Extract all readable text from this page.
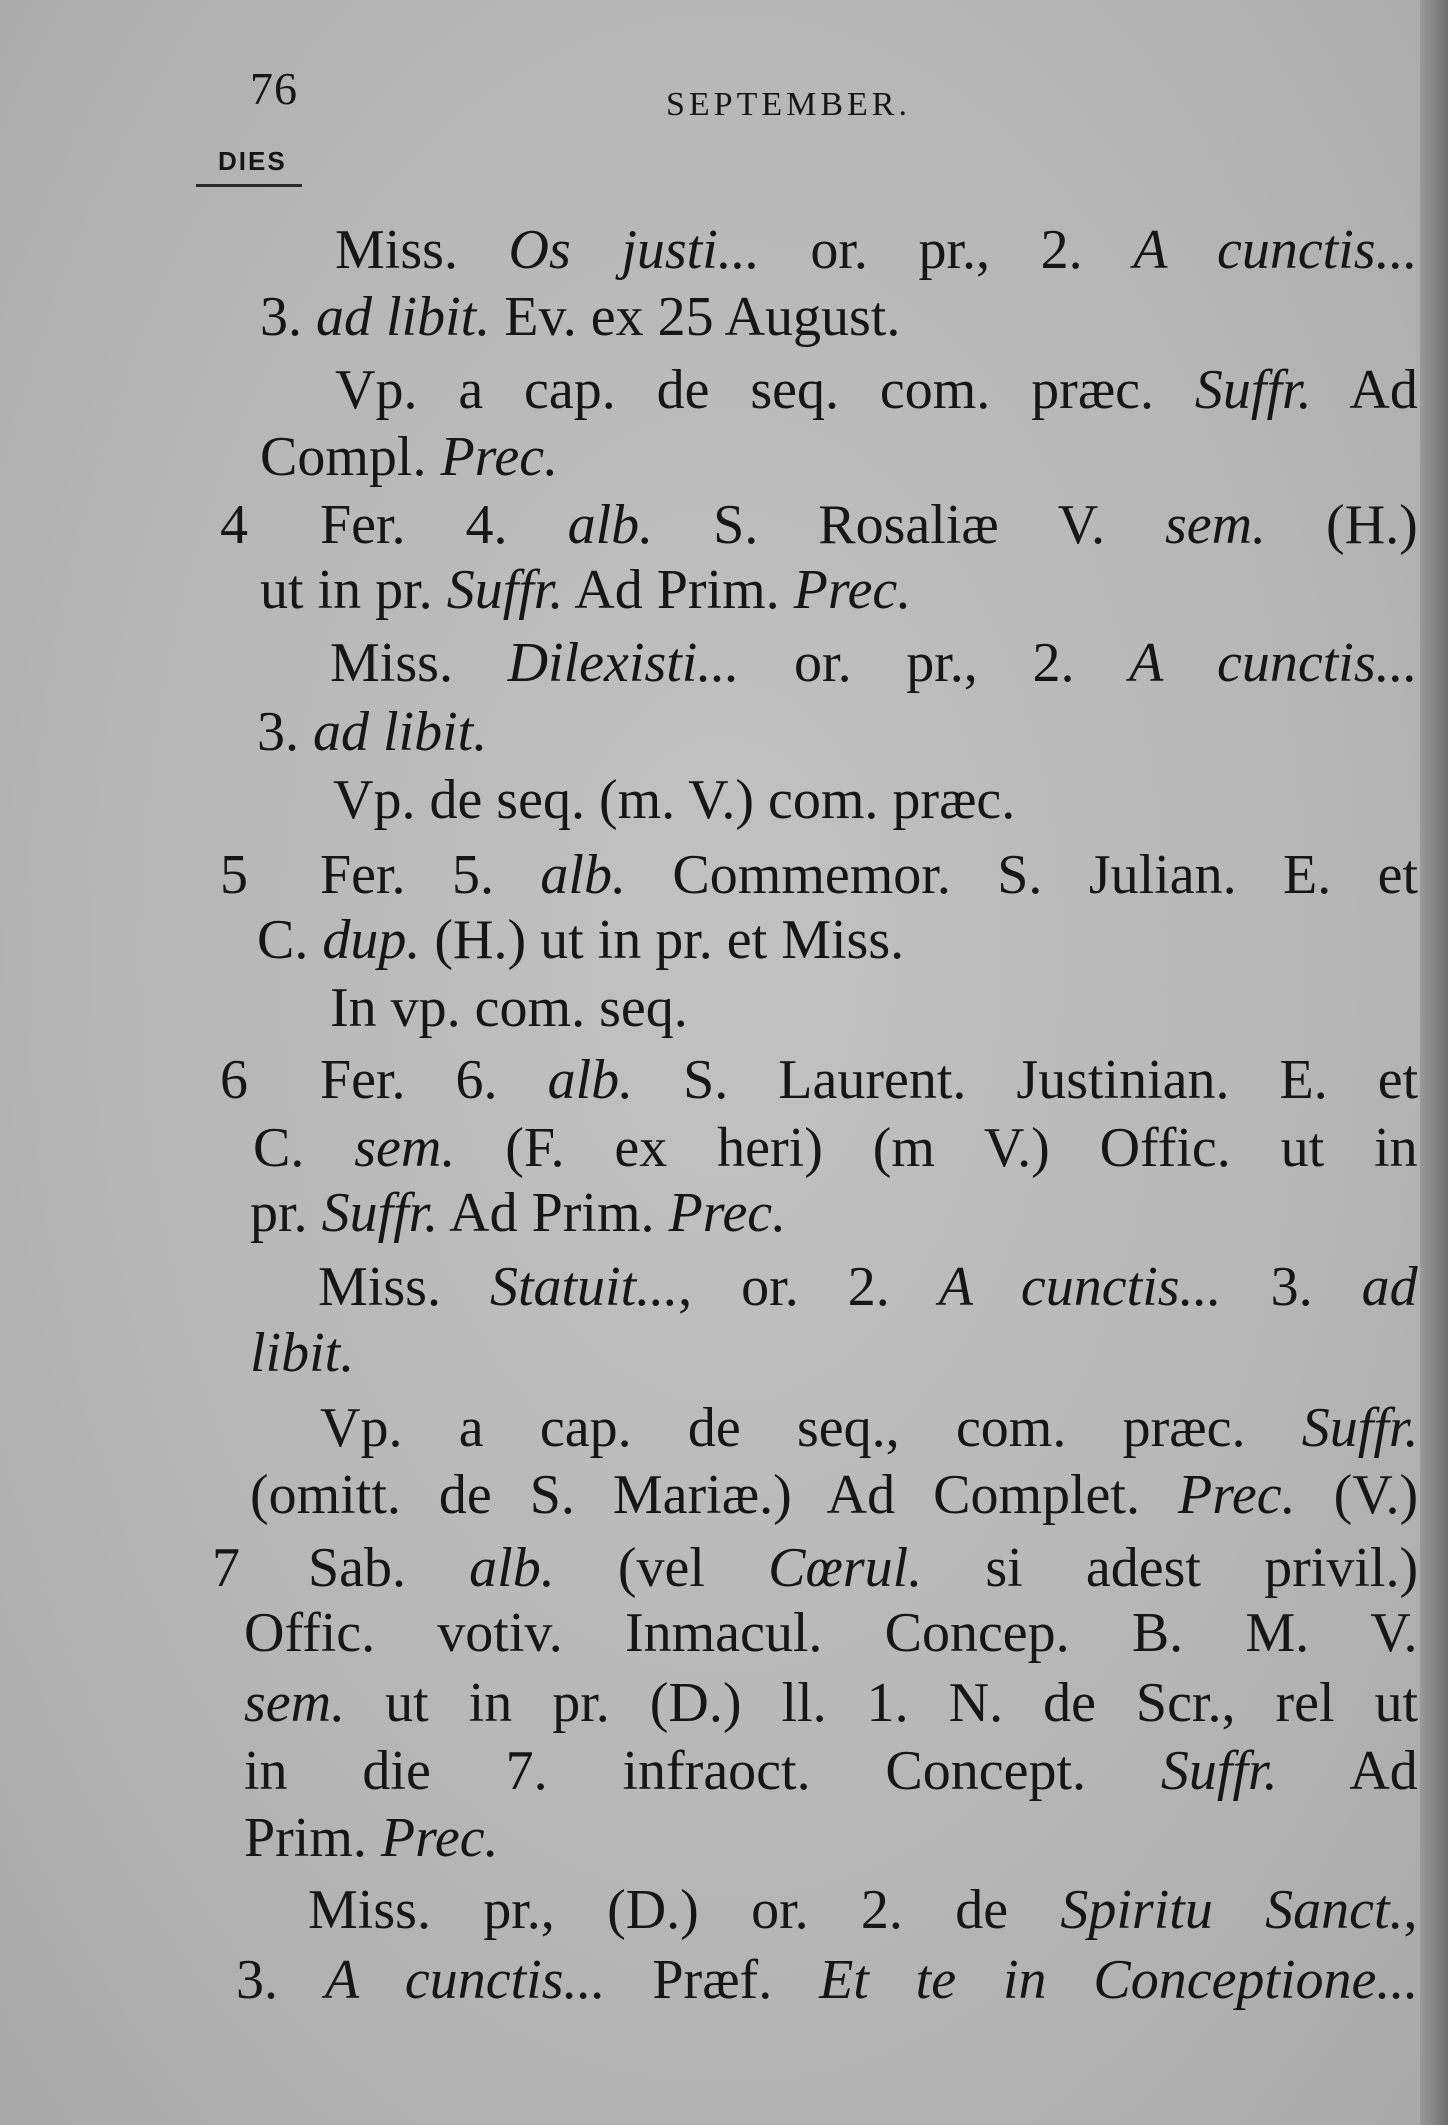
76	SEPTEMBER.
DIES
Miss. Os justi... or. pr., 2. A cunctis...
3. ad libit. Ev. ex 25 August.
Vp. a cap. de seq. com. præc. Suffr. Ad
Compl. Prec.
4 Fer. 4. alb. S. Rosaliæ V. sem. (H.)
ut in pr. Suffr. Ad Prim. Prec.
Miss. Dilexisti... or. pr., 2. A cunctis...
3. ad libit.
Vp. de seq. (m. V.) com. præc.
5 Fer. 5. alb. Commemor. S. Julian. E. et
C. dup. (H.) ut in pr. et Miss.
In vp. com. seq.
6 Fer. 6. alb. S. Laurent. Justinian. E. et
C. sem. (F. ex heri) (m V.) Offic. ut in
pr. Suffr. Ad Prim. Prec.
Miss. Statuit..., or. 2. A cunctis... 3. ad
libit.
Vp. a cap. de seq., com. præc. Suffr.
(omitt. de S. Mariæ.) Ad Complet. Prec. (V.)
7 Sab. alb. (vel Cœrul. si adest privil.)
Offic. votiv. Inmacul. Concep. B. M. V.
sem. ut in pr. (D.) ll. 1. N. de Scr., rel ut
in die 7. infraoct. Concept. Suffr. Ad
Prim. Prec.
Miss. pr., (D.) or. 2. de Spiritu Sanct.,
3. A cunctis... Præf. Et te in Conceptione...
